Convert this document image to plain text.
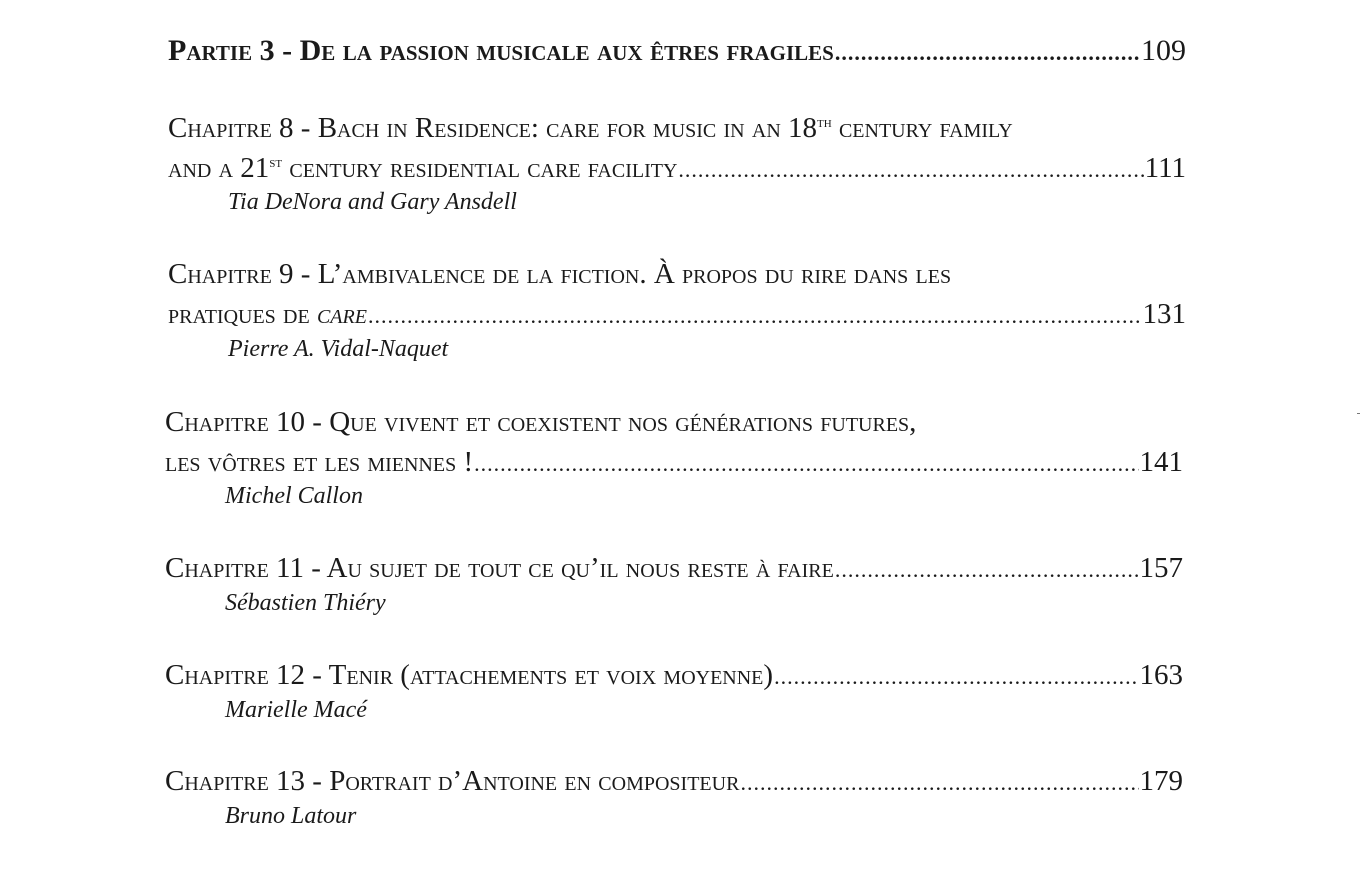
Partie 3 - De la passion musicale aux êtres fragiles .....	109
Chapitre 8 - Bach in Residence: care for music in an 18th century family
and a 21st century residential care facility .....	111
Tia DeNora and Gary Ansdell
Chapitre 9 - L’ambivalence de la fiction. À propos du rire dans les
pratiques de care .....	131
Pierre A. Vidal-Naquet
Chapitre 10 - Que vivent et coexistent nos générations futures,
les vôtres et les miennes ! .....	141
Michel Callon
Chapitre 11 - Au sujet de tout ce qu’il nous reste à faire .....	157
Sébastien Thiéry
Chapitre 12 - Tenir (attachements et voix moyenne) .....	163
Marielle Macé
Chapitre 13 - Portrait d’Antoine en compositeur .....	179
Bruno Latour
